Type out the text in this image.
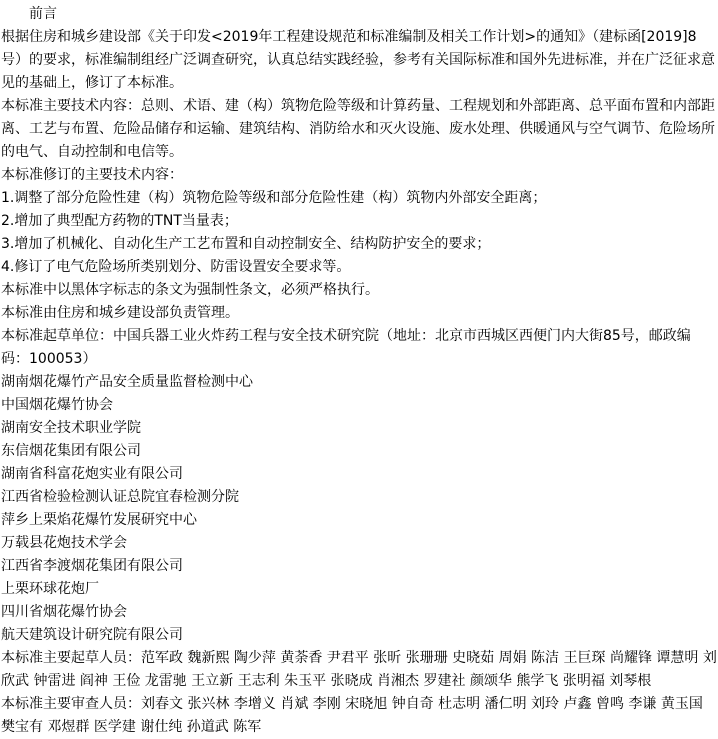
前言

根据住房和城乡建设部《关于印发<2019年工程建设规范和标准编制及相关工作计划>的通知》（建标函[2019]8号）的要求，标准编制组经广泛调查研究，认真总结实践经验，参考有关国际标准和国外先进标准，并在广泛征求意见的基础上，修订了本标准。

本标准主要技术内容：总则、术语、建（构）筑物危险等级和计算药量、工程规划和外部距离、总平面布置和内部距离、工艺与布置、危险品储存和运输、建筑结构、消防给水和灭火设施、废水处理、供暖通风与空气调节、危险场所的电气、自动控制和电信等。

本标准修订的主要技术内容：

1.调整了部分危险性建（构）筑物危险等级和部分危险性建（构）筑物内外部安全距离；
2.增加了典型配方药物的TNT当量表；
3.增加了机械化、自动化生产工艺布置和自动控制安全、结构防护安全的要求；
4.修订了电气危险场所类别划分、防雷设置安全要求等。

本标准中以黑体字标志的条文为强制性条文，必须严格执行。

本标准由住房和城乡建设部负责管理。

本标准起草单位：中国兵器工业火炸药工程与安全技术研究院（地址：北京市西城区西便门内大街85号，邮政编码：100053）

湖南烟花爆竹产品安全质量监督检测中心
中国烟花爆竹协会
湖南安全技术职业学院
东信烟花集团有限公司
湖南省科富花炮实业有限公司
江西省检验检测认证总院宜春检测分院
萍乡上栗焰花爆竹发展研究中心
万载县花炮技术学会
江西省李渡烟花集团有限公司
上栗环球花炮厂
四川省烟花爆竹协会
航天建筑设计研究院有限公司

本标准主要起草人员：范军政 魏新熙 陶少萍 黄荼香 尹君平 张昕 张珊珊 史晓茹 周娟 陈洁 王巨琛 尚耀锋 谭慧明 刘欣武 钟雷进 阎神 王俭 龙雷驰 王立新 王志利 朱玉平 张晓成 肖湘杰 罗建社 颜颂华 熊学飞 张明福 刘琴根

本标准主要审查人员：刘春文 张兴林 李增义 肖斌 李刚 宋晓旭 钟自奇 杜志明 潘仁明 刘玲 卢鑫 曾鸣 李谦 黄玉国 樊宝有 邓煜群 医学建 谢仕纯 孙道武 陈军
